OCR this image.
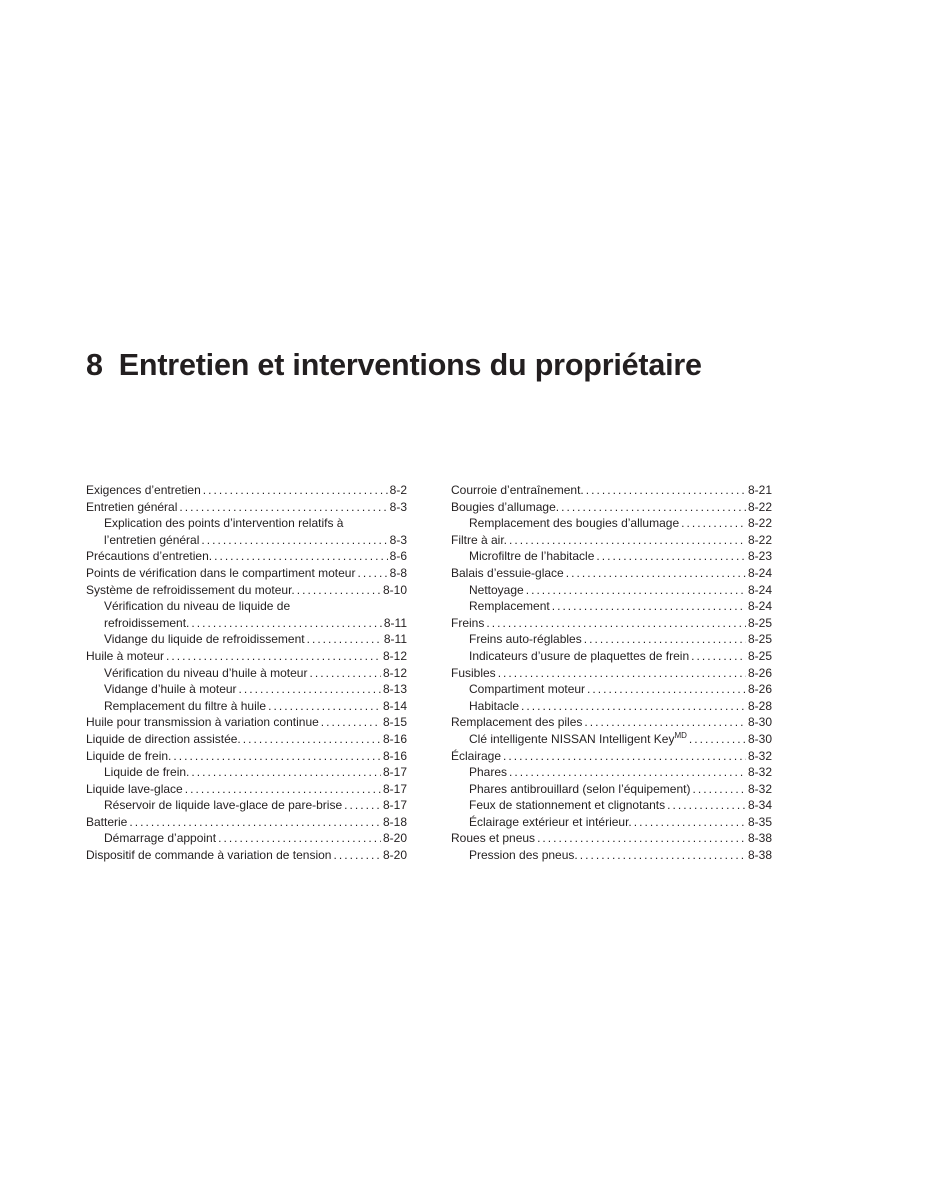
8 Entretien et interventions du propriétaire
Exigences d’entretien . . .	8-2
Entretien général . . .	8-3
Explication des points d’intervention relatifs à
l’entretien général . . .	8-3
Précautions d’entretien. . . .	8-6
Points de vérification dans le compartiment moteur . . .	8-8
Système de refroidissement du moteur. . . .	8-10
Vérification du niveau de liquide de
refroidissement. . . .	8-11
Vidange du liquide de refroidissement . . .	8-11
Huile à moteur . . .	8-12
Vérification du niveau d’huile à moteur . . .	8-12
Vidange d’huile à moteur . . .	8-13
Remplacement du filtre à huile . . .	8-14
Huile pour transmission à variation continue . . .	8-15
Liquide de direction assistée. . . .	8-16
Liquide de frein. . . .	8-16
Liquide de frein. . . .	8-17
Liquide lave-glace . . .	8-17
Réservoir de liquide lave-glace de pare-brise . . .	8-17
Batterie . . .	8-18
Démarrage d’appoint . . .	8-20
Dispositif de commande à variation de tension . . .	8-20
Courroie d’entraînement. . . .	8-21
Bougies d’allumage. . . .	8-22
Remplacement des bougies d’allumage . . .	8-22
Filtre à air. . . .	8-22
Microfiltre de l’habitacle . . .	8-23
Balais d’essuie-glace . . .	8-24
Nettoyage . . .	8-24
Remplacement . . .	8-24
Freins . . .	8-25
Freins auto-réglables . . .	8-25
Indicateurs d’usure de plaquettes de frein . . .	8-25
Fusibles . . .	8-26
Compartiment moteur . . .	8-26
Habitacle . . .	8-28
Remplacement des piles . . .	8-30
Clé intelligente NISSAN Intelligent Key$^{MD}$ . . .	8-30
Éclairage . . .	8-32
Phares . . .	8-32
Phares antibrouillard (selon l’équipement) . . .	8-32
Feux de stationnement et clignotants . . .	8-34
Éclairage extérieur et intérieur. . . .	8-35
Roues et pneus . . .	8-38
Pression des pneus. . . .	8-38
